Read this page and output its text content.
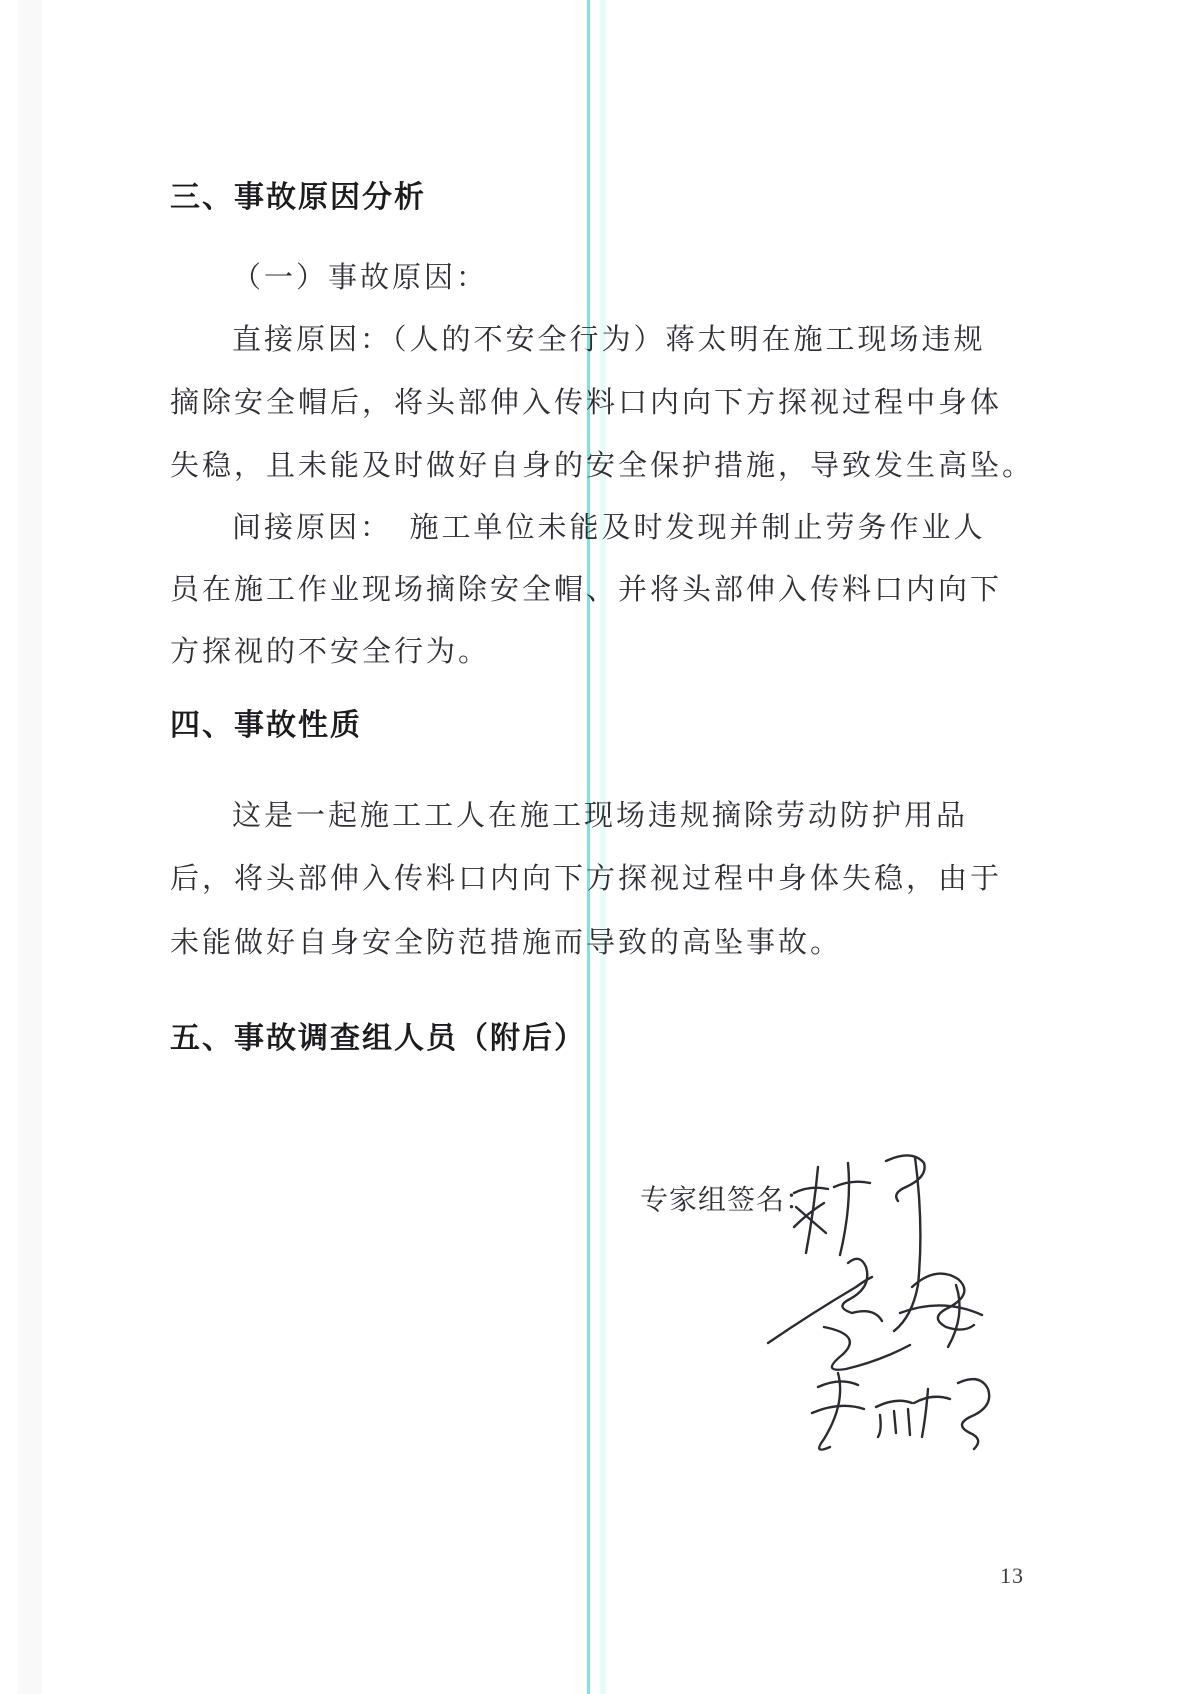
三、事故原因分析
（一）事故原因：
直接原因：（人的不安全行为）蒋太明在施工现场违规
摘除安全帽后，将头部伸入传料口内向下方探视过程中身体
失稳，且未能及时做好自身的安全保护措施，导致发生高坠。
间接原因：　施工单位未能及时发现并制止劳务作业人
员在施工作业现场摘除安全帽、并将头部伸入传料口内向下
方探视的不安全行为。
四、事故性质
这是一起施工工人在施工现场违规摘除劳动防护用品
后，将头部伸入传料口内向下方探视过程中身体失稳，由于
未能做好自身安全防范措施而导致的高坠事故。
五、事故调查组人员（附后）
专家组签名：
13
